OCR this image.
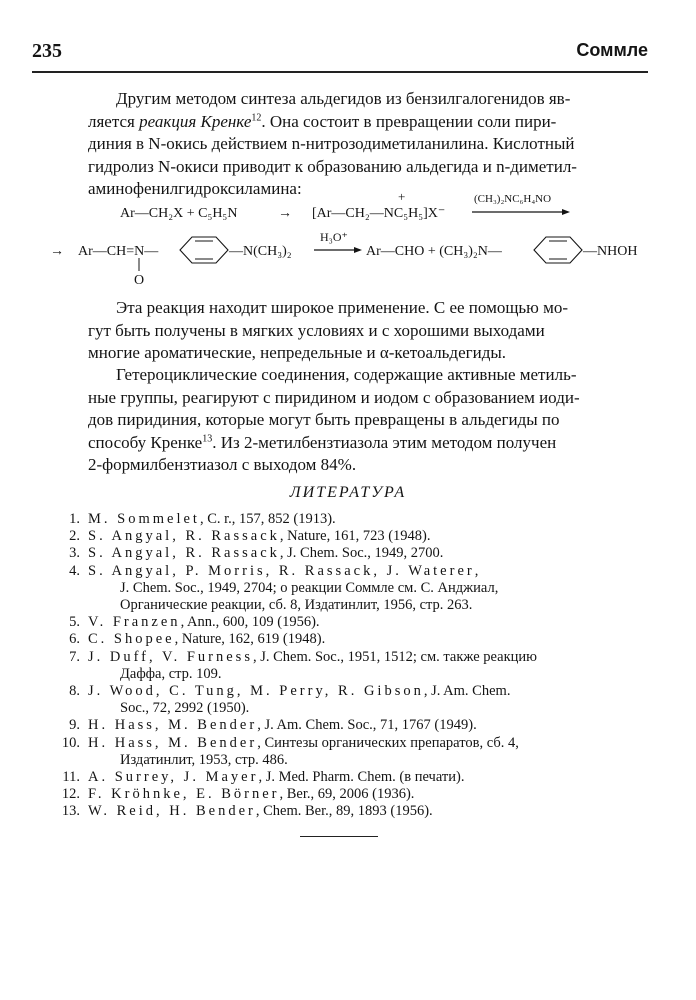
235	Соммле
Другим методом синтеза альдегидов из бензилгалогенидов яв-
ляется реакция Кренке$^{12}$. Она состоит в превращении соли пири-
диния в N-окись действием n-нитрозодиметиланилина. Кислотный
гидролиз N-окиси приводит к образованию альдегида и n-диметил-
аминофенилгидроксиламина:
Ar—CH₂X + C₅H₅N	→ [Ar—CH₂—NC₅H₅]X⁻
+	(CH₃)₂NC₆H₄NO
→ Ar—CH=N—
O
—N(CH₃)₂
H₃O⁺
Ar—CHO + (CH₃)₂N—	—NHOH
Эта реакция находит широкое применение. С ее помощью мо-
гут быть получены в мягких условиях и с хорошими выходами
многие ароматические, непредельные и α-кетоальдегиды.
Гетероциклические соединения, содержащие активные метиль-
ные группы, реагируют с пиридином и иодом с образованием иоди-
дов пиридиния, которые могут быть превращены в альдегиды по
способу Кренке$^{13}$. Из 2-метилбензтиазола этим методом получен
2-формилбензтиазол с выходом 84%.
ЛИТЕРАТУРА
1. M. Sommelet, C. r., 157, 852 (1913).
2. S. Angyal, R. Rassack, Nature, 161, 723 (1948).
3. S. Angyal, R. Rassack, J. Chem. Soc., 1949, 2700.
4. S. Angyal, P. Morris, R. Rassack, J. Waterer,
J. Chem. Soc., 1949, 2704; о реакции Соммле см. С. Анджиал,
Органические реакции, сб. 8, Издатинлит, 1956, стр. 263.
5. V. Franzen, Ann., 600, 109 (1956).
6. C. Shopee, Nature, 162, 619 (1948).
7. J. Duff, V. Furness, J. Chem. Soc., 1951, 1512; см. также реакцию
Даффа, стр. 109.
8. J. Wood, C. Tung, M. Perry, R. Gibson, J. Am. Chem.
Soc., 72, 2992 (1950).
9. H. Hass, M. Bender, J. Am. Chem. Soc., 71, 1767 (1949).
10. H. Hass, M. Bender, Синтезы органических препаратов, сб. 4,
Издатинлит, 1953, стр. 486.
11. A. Surrey, J. Mayer, J. Med. Pharm. Chem. (в печати).
12. F. Kröhnke, E. Börner, Ber., 69, 2006 (1936).
13. W. Reid, H. Bender, Chem. Ber., 89, 1893 (1956).
